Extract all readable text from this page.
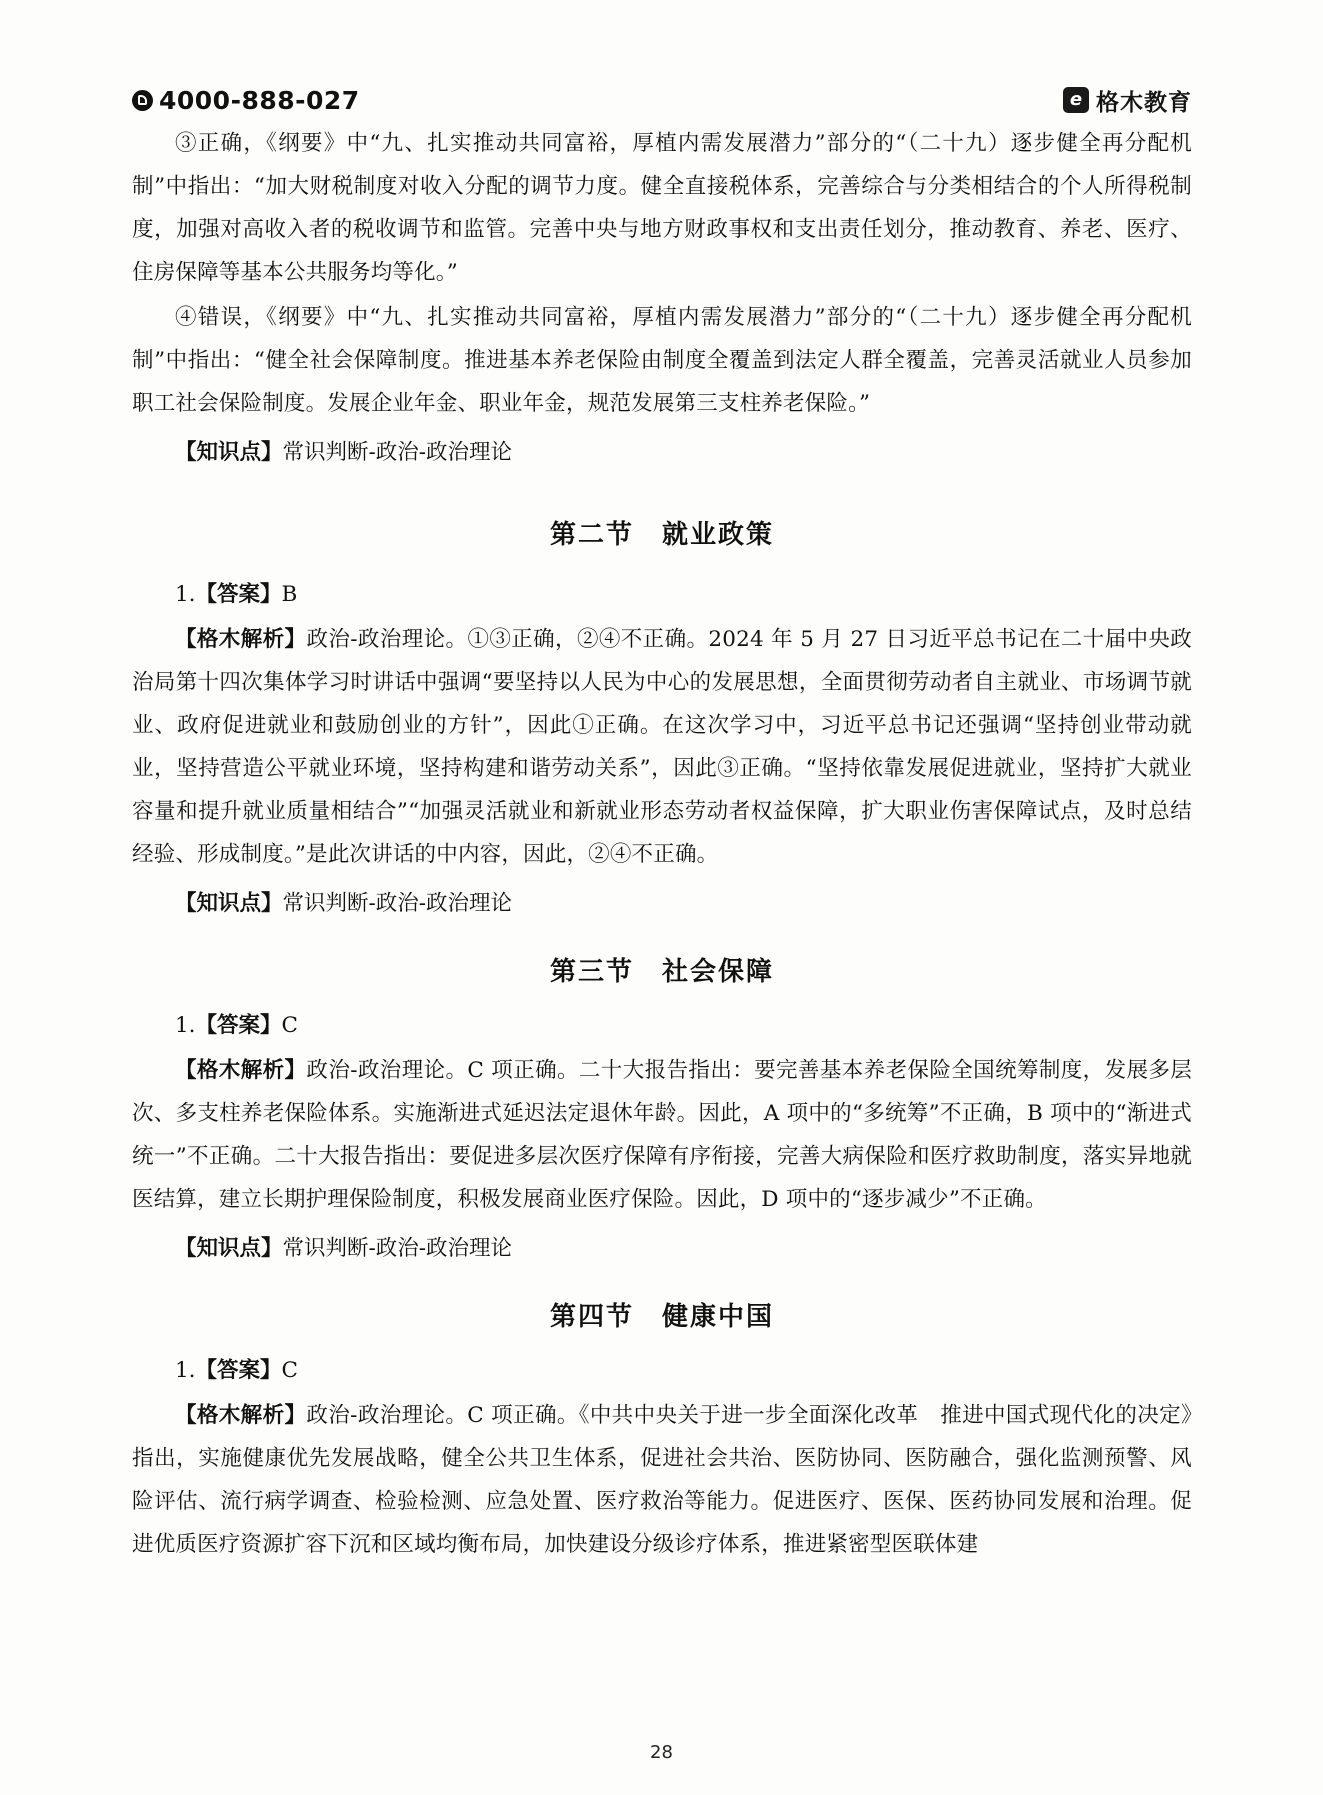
4000-888-027	e 格木教育

③正确，《纲要》中“九、扎实推动共同富裕，厚植内需发展潜力”部分的“（二十九）逐步健全再分配机制”中指出：“加大财税制度对收入分配的调节力度。健全直接税体系，完善综合与分类相结合的个人所得税制度，加强对高收入者的税收调节和监管。完善中央与地方财政事权和支出责任划分，推动教育、养老、医疗、住房保障等基本公共服务均等化。”

④错误，《纲要》中“九、扎实推动共同富裕，厚植内需发展潜力”部分的“（二十九）逐步健全再分配机制”中指出：“健全社会保障制度。推进基本养老保险由制度全覆盖到法定人群全覆盖，完善灵活就业人员参加职工社会保险制度。发展企业年金、职业年金，规范发展第三支柱养老保险。”

【知识点】常识判断-政治-政治理论

第二节　就业政策

1.【答案】B

【格木解析】政治-政治理论。①③正确，②④不正确。2024 年 5 月 27 日习近平总书记在二十届中央政治局第十四次集体学习时讲话中强调“要坚持以人民为中心的发展思想，全面贯彻劳动者自主就业、市场调节就业、政府促进就业和鼓励创业的方针”，因此①正确。在这次学习中，习近平总书记还强调“坚持创业带动就业，坚持营造公平就业环境，坚持构建和谐劳动关系”，因此③正确。“坚持依靠发展促进就业，坚持扩大就业容量和提升就业质量相结合”“加强灵活就业和新就业形态劳动者权益保障，扩大职业伤害保障试点，及时总结经验、形成制度。”是此次讲话的中内容，因此，②④不正确。

【知识点】常识判断-政治-政治理论

第三节　社会保障

1.【答案】C

【格木解析】政治-政治理论。C 项正确。二十大报告指出：要完善基本养老保险全国统筹制度，发展多层次、多支柱养老保险体系。实施渐进式延迟法定退休年龄。因此，A 项中的“多统筹”不正确，B 项中的“渐进式统一”不正确。二十大报告指出：要促进多层次医疗保障有序衔接，完善大病保险和医疗救助制度，落实异地就医结算，建立长期护理保险制度，积极发展商业医疗保险。因此，D 项中的“逐步减少”不正确。

【知识点】常识判断-政治-政治理论

第四节　健康中国

1.【答案】C

【格木解析】政治-政治理论。C 项正确。《中共中央关于进一步全面深化改革　推进中国式现代化的决定》指出，实施健康优先发展战略，健全公共卫生体系，促进社会共治、医防协同、医防融合，强化监测预警、风险评估、流行病学调查、检验检测、应急处置、医疗救治等能力。促进医疗、医保、医药协同发展和治理。促进优质医疗资源扩容下沉和区域均衡布局，加快建设分级诊疗体系，推进紧密型医联体建

28
